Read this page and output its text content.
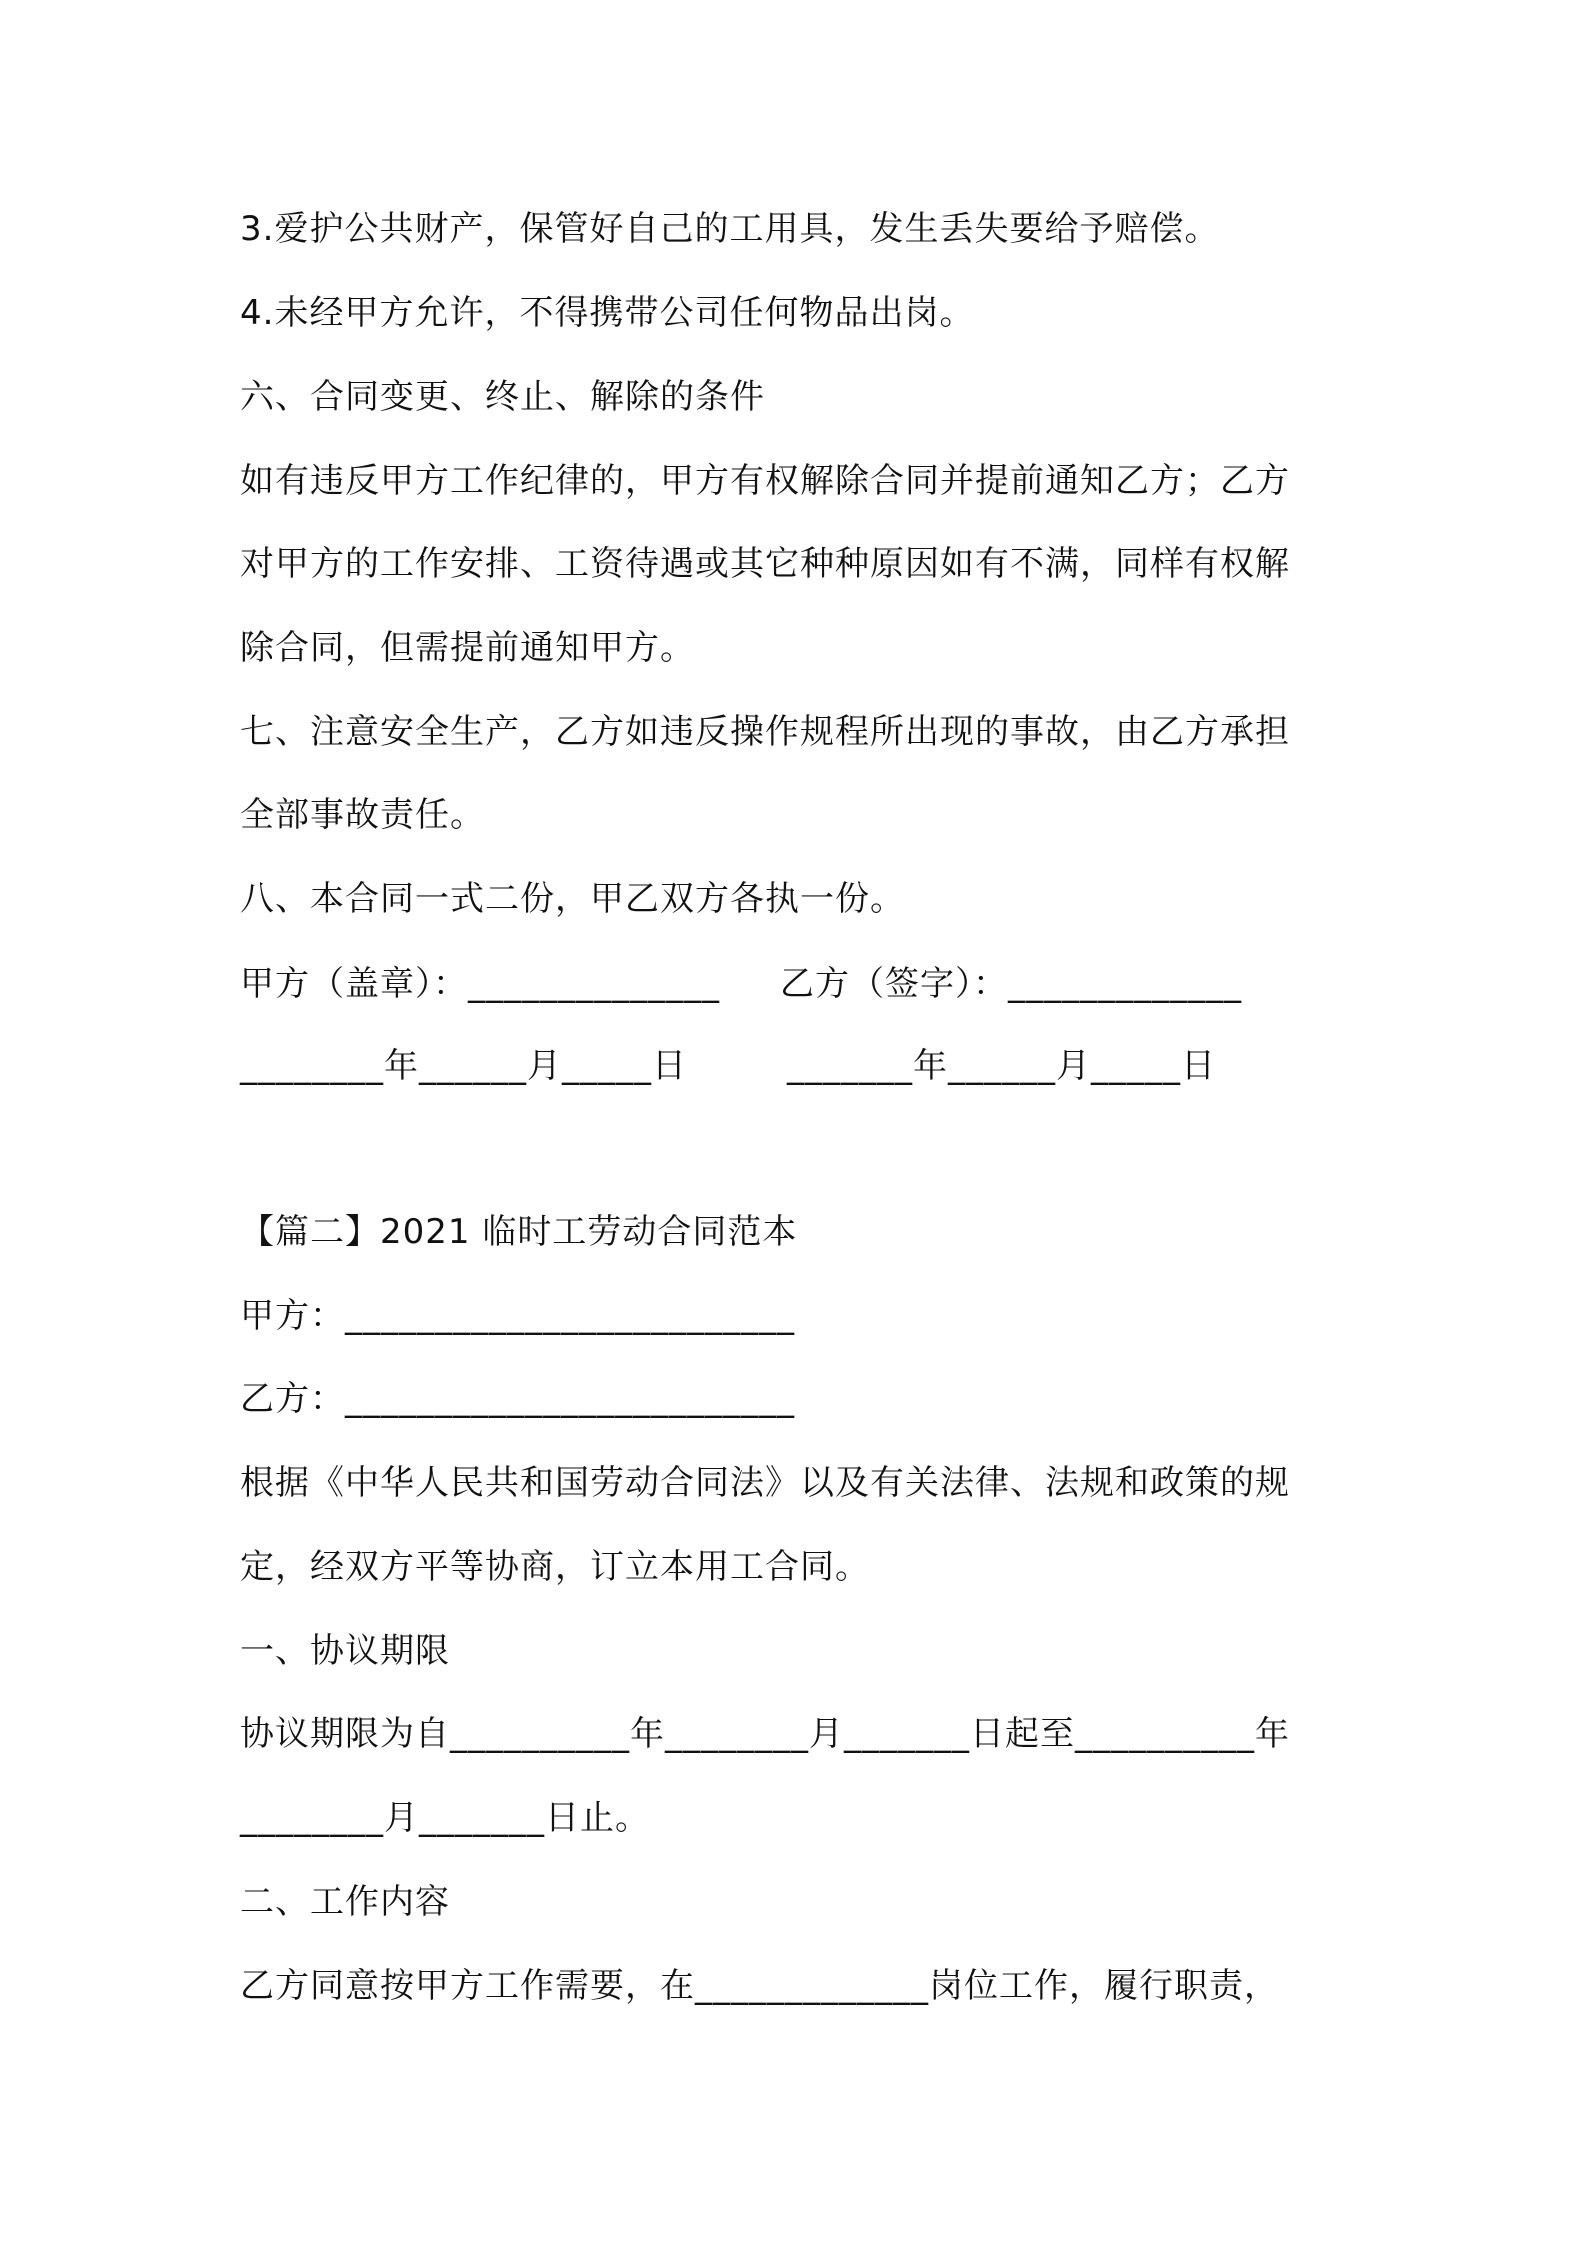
3.爱护公共财产，保管好自己的工用具，发生丢失要给予赔偿。
4.未经甲方允许，不得携带公司任何物品出岗。
六、合同变更、终止、解除的条件
如有违反甲方工作纪律的，甲方有权解除合同并提前通知乙方；乙方
对甲方的工作安排、工资待遇或其它种种原因如有不满，同样有权解
除合同，但需提前通知甲方。
七、注意安全生产，乙方如违反操作规程所出现的事故，由乙方承担
全部事故责任。
八、本合同一式二份，甲乙双方各执一份。
甲方（盖章）：______________ 乙方（签字）：_____________
________年______月_____日	_______年______月_____日
【篇二】2021 临时工劳动合同范本
甲方：_________________________
乙方：_________________________
根据《中华人民共和国劳动合同法》以及有关法律、法规和政策的规
定，经双方平等协商，订立本用工合同。
一、协议期限
协议期限为自__________年________月_______日起至__________年
________月_______日止。
二、工作内容
乙方同意按甲方工作需要，在_____________岗位工作，履行职责，
